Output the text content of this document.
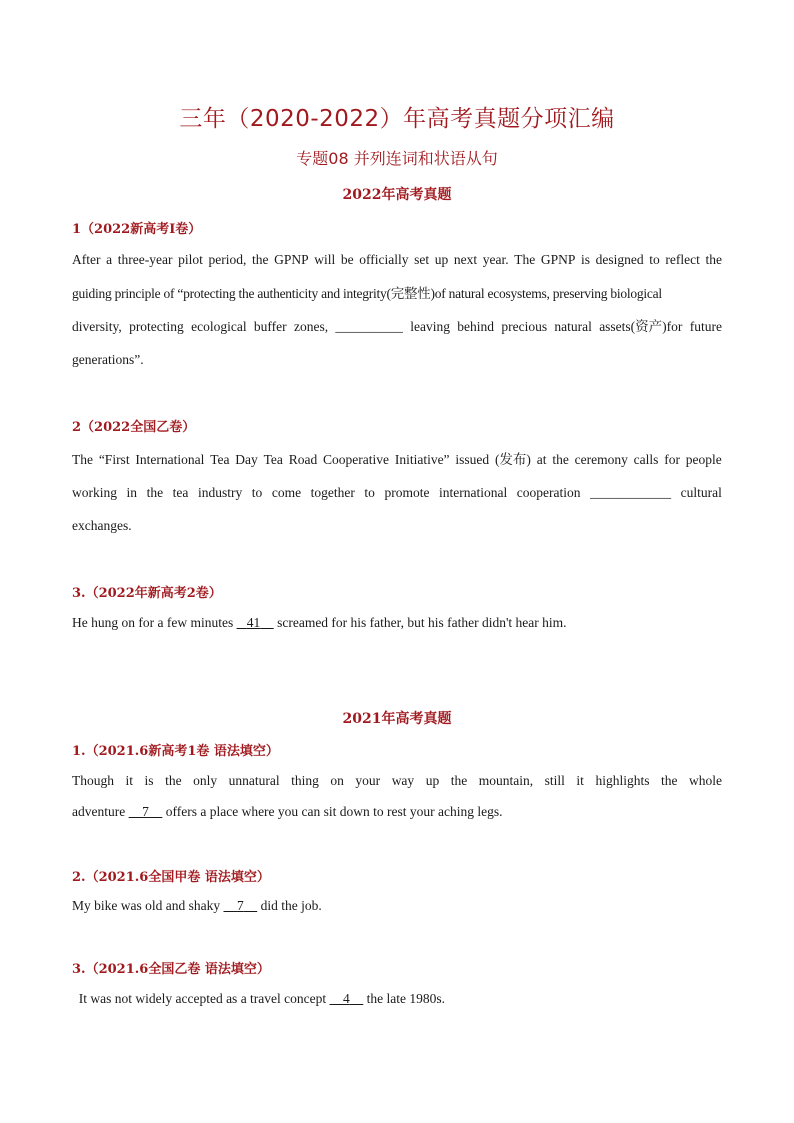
三年（2020-2022）年高考真题分项汇编
专题08 并列连词和状语从句
2022年高考真题
1（2022新高考I卷）
After a three-year pilot period, the GPNP will be officially set up next year. The GPNP is designed to reflect the
guiding principle of “protecting the authenticity and integrity(完整性)of natural ecosystems, preserving biological
diversity, protecting ecological buffer zones, __________ leaving behind precious natural assets(资产)for future
generations”.
2（2022全国乙卷）
The “First International Tea Day Tea Road Cooperative Initiative” issued (发布) at the ceremony calls for people
working in the tea industry to come together to promote international cooperation ____________ cultural
exchanges.
3.（2022年新高考2卷）
He hung on for a few minutes    41     screamed for his father, but his father didn't hear him.
2021年高考真题
1.（2021.6新高考1卷 语法填空）
Though it is the only unnatural thing on your way up the mountain, still it highlights the whole
adventure     7     offers a place where you can sit down to rest your aching legs.
2.（2021.6全国甲卷 语法填空）
My bike was old and shaky     7     did the job.
3.（2021.6全国乙卷 语法填空）
It was not widely accepted as a travel concept     4     the late 1980s.
